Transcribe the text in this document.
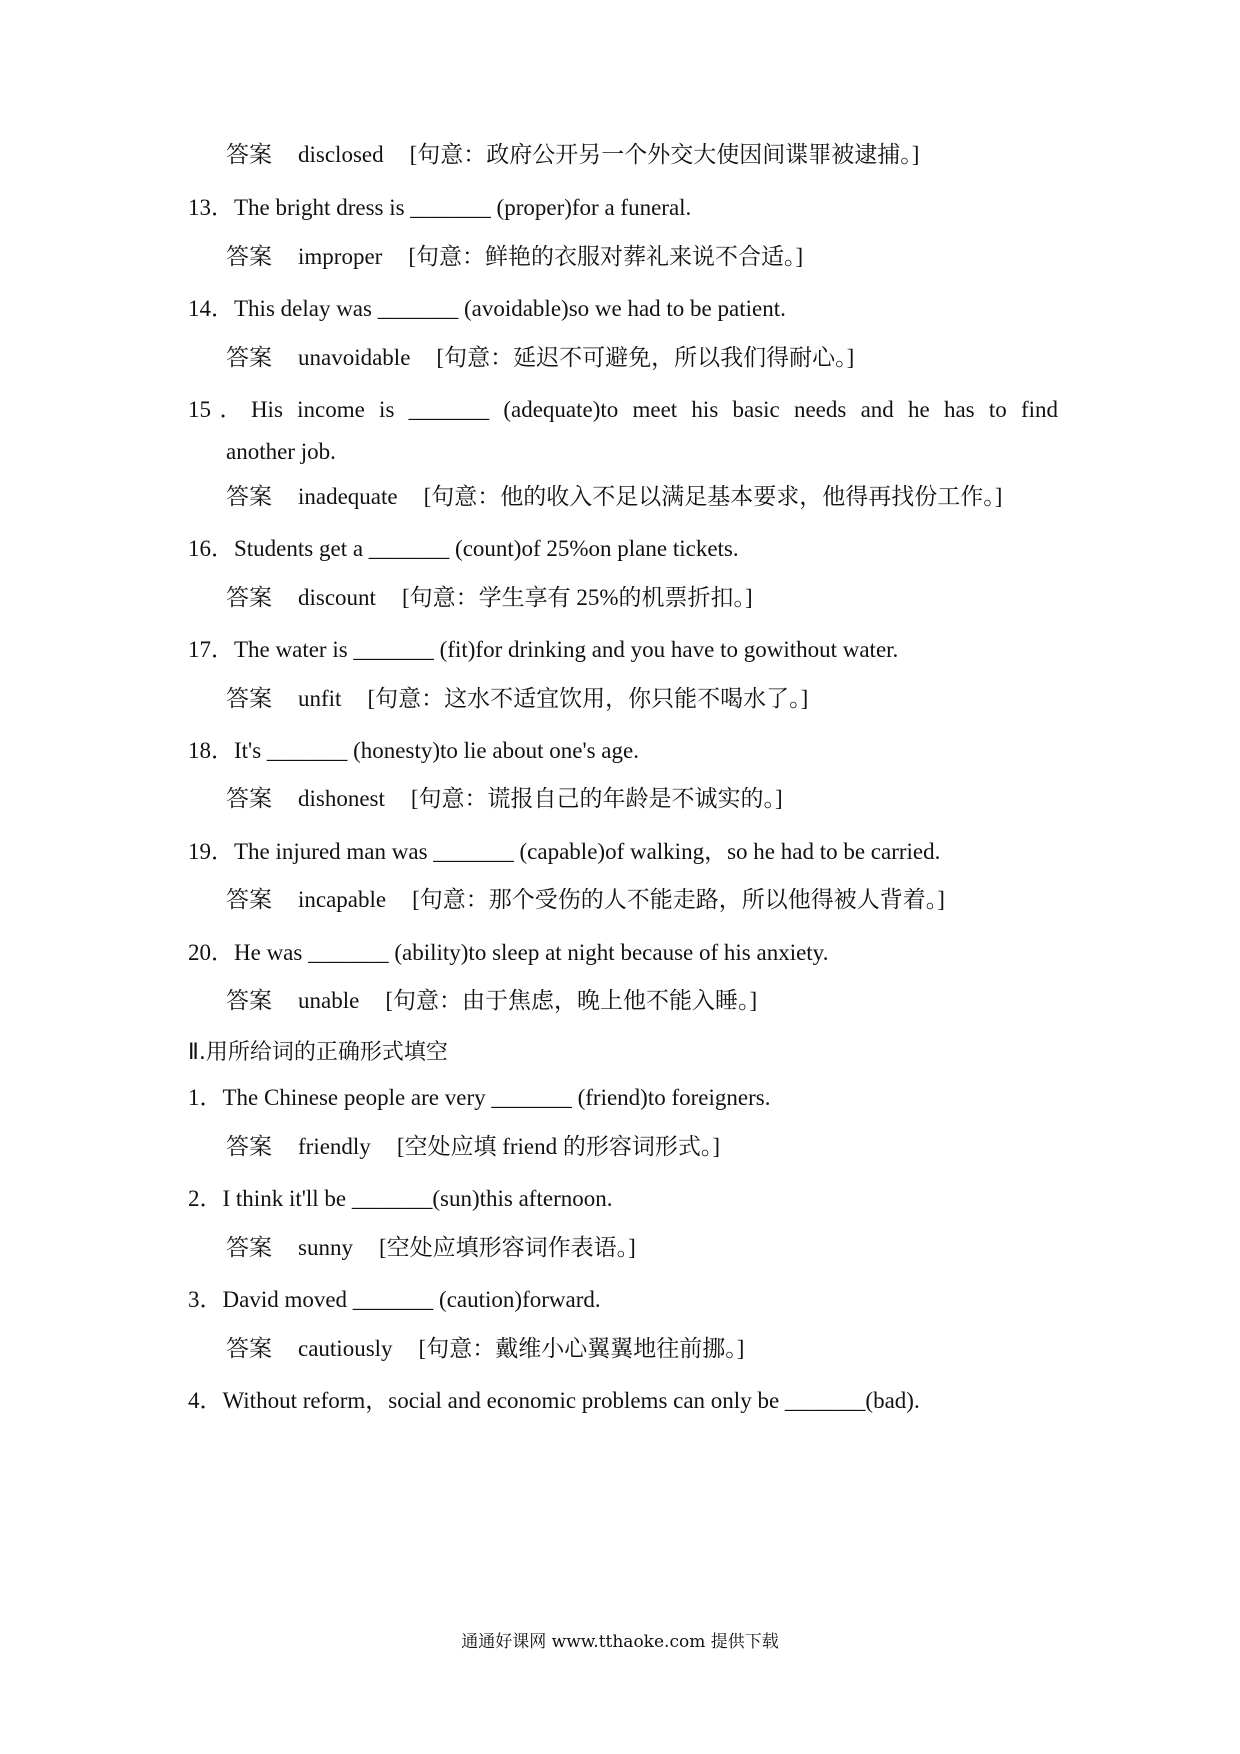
答案 disclosed [句意：政府公开另一个外交大使因间谍罪被逮捕。]
13．The bright dress is _______ (proper)for a funeral.
答案 improper [句意：鲜艳的衣服对葬礼来说不合适。]
14．This delay was _______ (avoidable)so we had to be patient.
答案 unavoidable [句意：延迟不可避免，所以我们得耐心。]
15．His income is _______ (adequate)to meet his basic needs and he has to find
another job.
答案 inadequate [句意：他的收入不足以满足基本要求，他得再找份工作。]
16．Students get a _______ (count)of 25%on plane tickets.
答案 discount [句意：学生享有 25%的机票折扣。]
17．The water is _______ (fit)for drinking and you have to gowithout water.
答案 unfit [句意：这水不适宜饮用，你只能不喝水了。]
18．It's _______ (honesty)to lie about one's age.
答案 dishonest [句意：谎报自己的年龄是不诚实的。]
19．The injured man was _______ (capable)of walking，so he had to be carried.
答案 incapable [句意：那个受伤的人不能走路，所以他得被人背着。]
20．He was _______ (ability)to sleep at night because of his anxiety.
答案 unable [句意：由于焦虑，晚上他不能入睡。]
Ⅱ.用所给词的正确形式填空
1．The Chinese people are very _______ (friend)to foreigners.
答案 friendly [空处应填 friend 的形容词形式。]
2．I think it'll be _______(sun)this afternoon.
答案 sunny [空处应填形容词作表语。]
3．David moved _______ (caution)forward.
答案 cautiously [句意：戴维小心翼翼地往前挪。]
4．Without reform，social and economic problems can only be _______(bad).
通通好课网 www.tthaoke.com 提供下载
